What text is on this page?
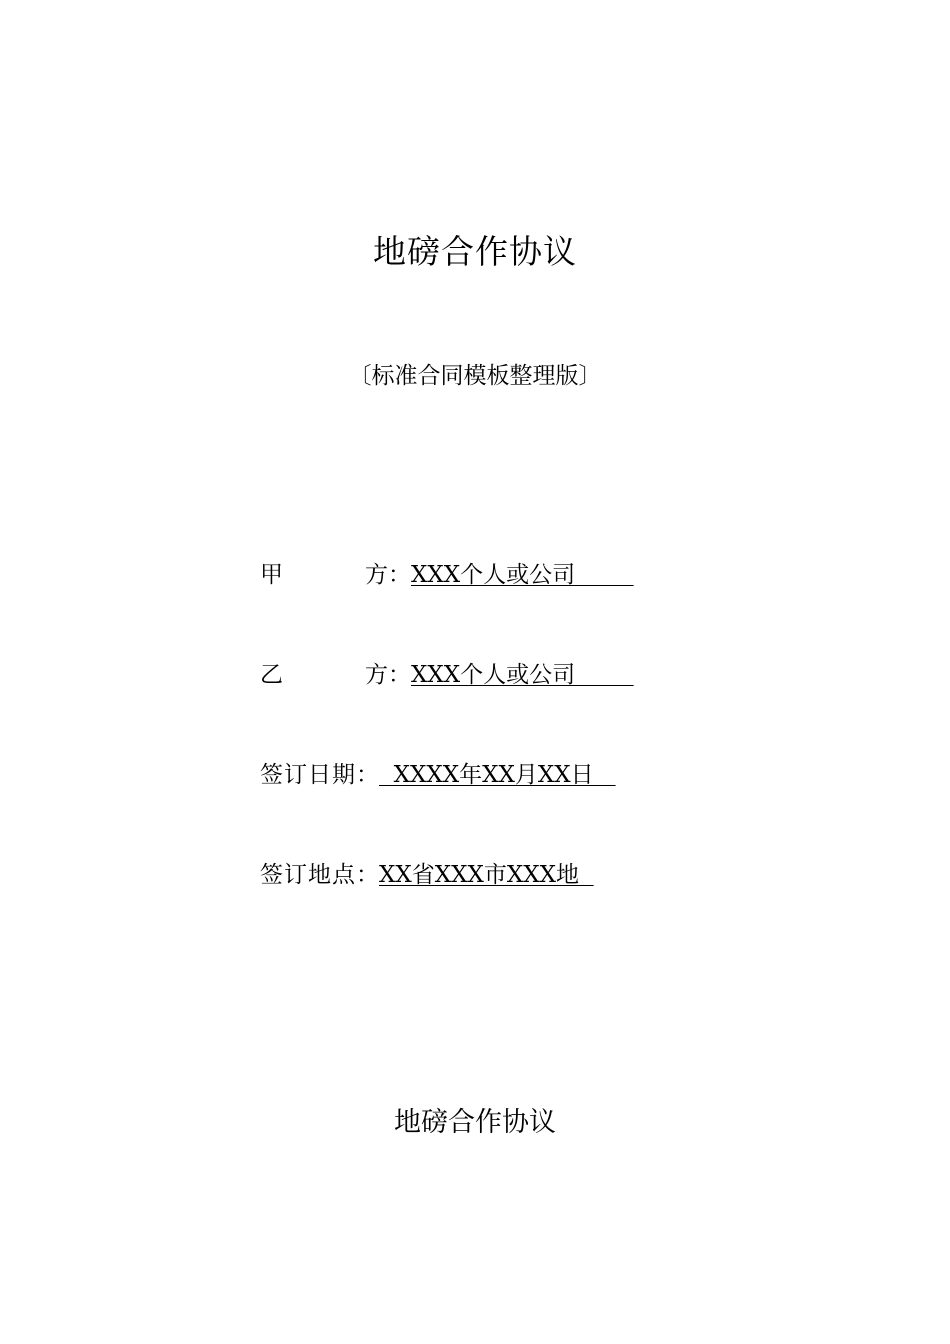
地磅合作协议

〔标准合同模板整理版〕

甲	方 ： XXX个人或公司
乙	方 ： XXX个人或公司
签订日期 ： XXXX年XX月XX日
签订地点 ： XX省XXX市XXX地
地磅合作协议
